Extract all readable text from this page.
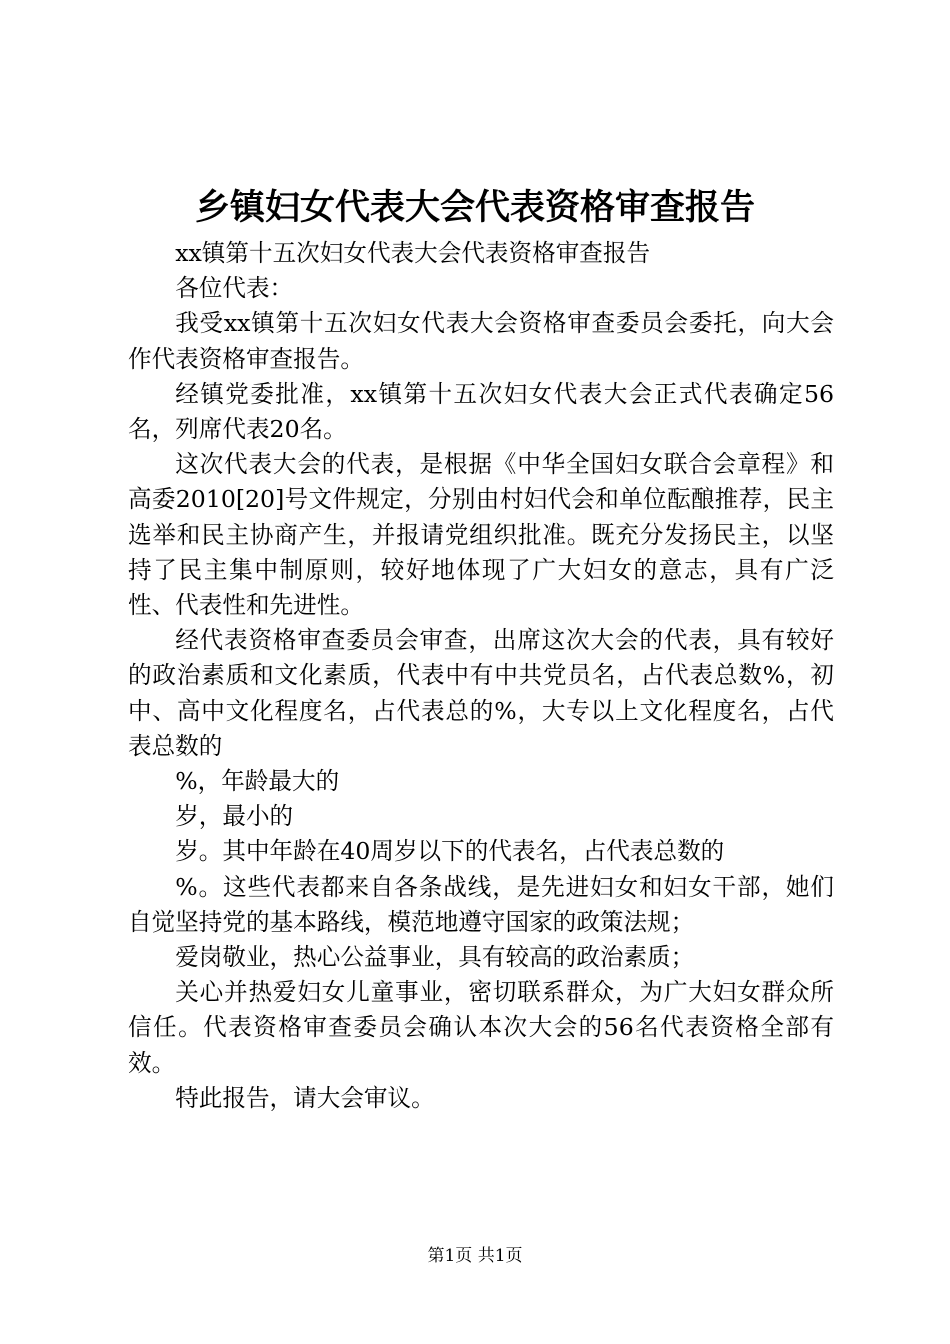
乡镇妇女代表大会代表资格审查报告

xx镇第十五次妇女代表大会代表资格审查报告

各位代表：

我受xx镇第十五次妇女代表大会资格审查委员会委托，向大会作代表资格审查报告。

经镇党委批准，xx镇第十五次妇女代表大会正式代表确定56名，列席代表20名。

这次代表大会的代表，是根据《中华全国妇女联合会章程》和高委2010[20]号文件规定，分别由村妇代会和单位酝酿推荐，民主选举和民主协商产生，并报请党组织批准。既充分发扬民主，以坚持了民主集中制原则，较好地体现了广大妇女的意志，具有广泛性、代表性和先进性。

经代表资格审查委员会审查，出席这次大会的代表，具有较好的政治素质和文化素质，代表中有中共党员名，占代表总数%，初中、高中文化程度名，占代表总的%，大专以上文化程度名，占代表总数的

%，年龄最大的

岁，最小的

岁。其中年龄在40周岁以下的代表名，占代表总数的

%。这些代表都来自各条战线，是先进妇女和妇女干部，她们自觉坚持党的基本路线，模范地遵守国家的政策法规；

爱岗敬业，热心公益事业，具有较高的政治素质；

关心并热爱妇女儿童事业，密切联系群众，为广大妇女群众所信任。代表资格审查委员会确认本次大会的56名代表资格全部有效。

特此报告，请大会审议。

第1页 共1页
